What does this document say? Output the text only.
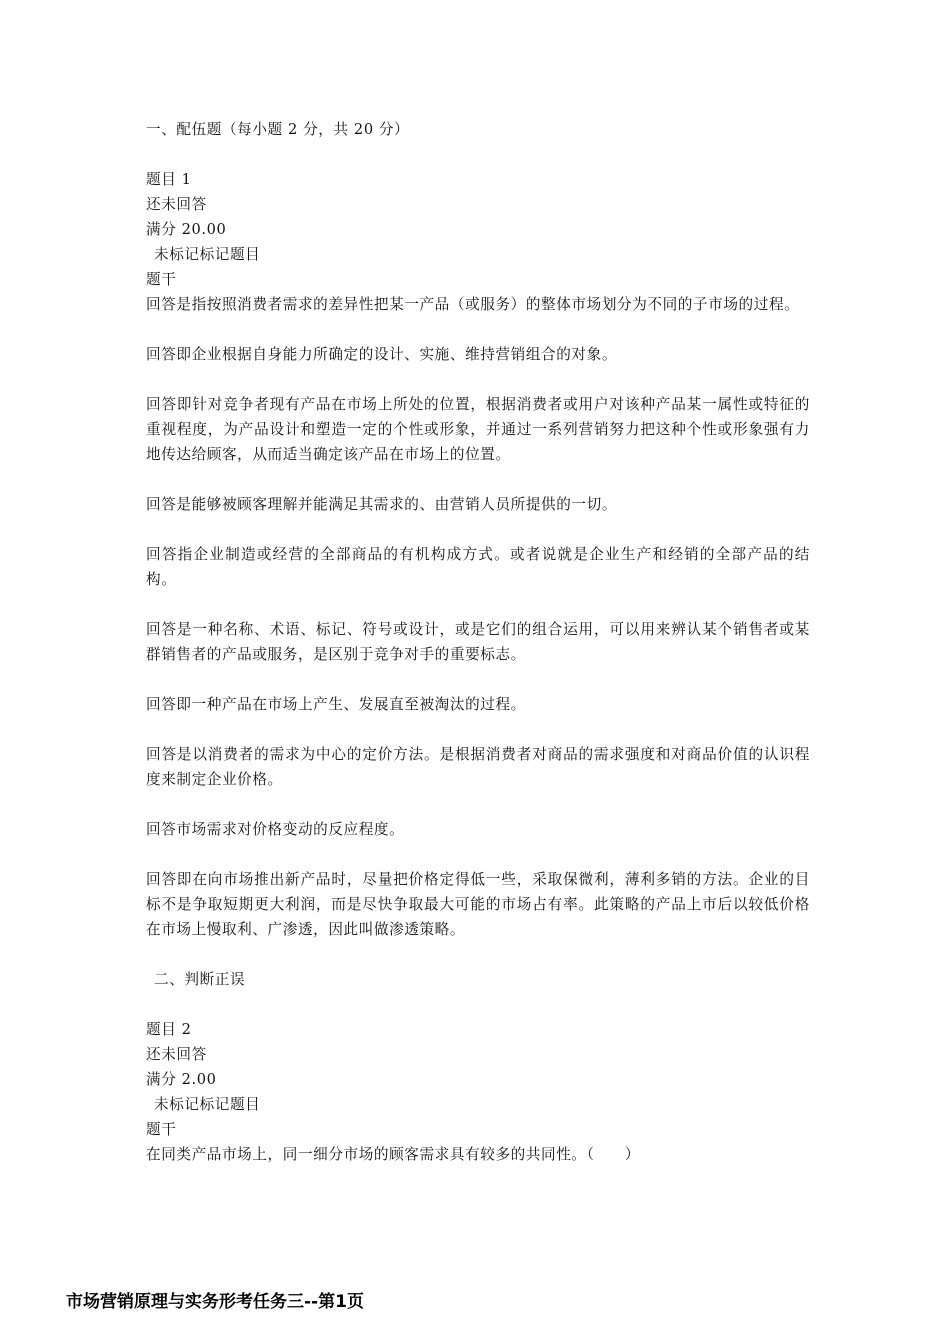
一、配伍题（每小题 2 分，共 20 分）
题目 1
还未回答
满分 20.00
未标记标记题目
题干

回答是指按照消费者需求的差异性把某一产品（或服务）的整体市场划分为不同的子市场的过程。

回答即企业根据自身能力所确定的设计、实施、维持营销组合的对象。

回答即针对竞争者现有产品在市场上所处的位置，根据消费者或用户对该种产品某一属性或特征的重视程度，为产品设计和塑造一定的个性或形象，并通过一系列营销努力把这种个性或形象强有力地传达给顾客，从而适当确定该产品在市场上的位置。

回答是能够被顾客理解并能满足其需求的、由营销人员所提供的一切。

回答指企业制造或经营的全部商品的有机构成方式。或者说就是企业生产和经销的全部产品的结构。

回答是一种名称、术语、标记、符号或设计，或是它们的组合运用，可以用来辨认某个销售者或某群销售者的产品或服务，是区别于竞争对手的重要标志。

回答即一种产品在市场上产生、发展直至被淘汰的过程。

回答是以消费者的需求为中心的定价方法。是根据消费者对商品的需求强度和对商品价值的认识程度来制定企业价格。

回答市场需求对价格变动的反应程度。

回答即在向市场推出新产品时，尽量把价格定得低一些，采取保微利，薄利多销的方法。企业的目标不是争取短期更大利润，而是尽快争取最大可能的市场占有率。此策略的产品上市后以较低价格在市场上慢取利、广渗透，因此叫做渗透策略。

二、判断正误
题目 2
还未回答
满分 2.00
未标记标记题目
题干

在同类产品市场上，同一细分市场的顾客需求具有较多的共同性。（　　）

市场营销原理与实务形考任务三--第1页
